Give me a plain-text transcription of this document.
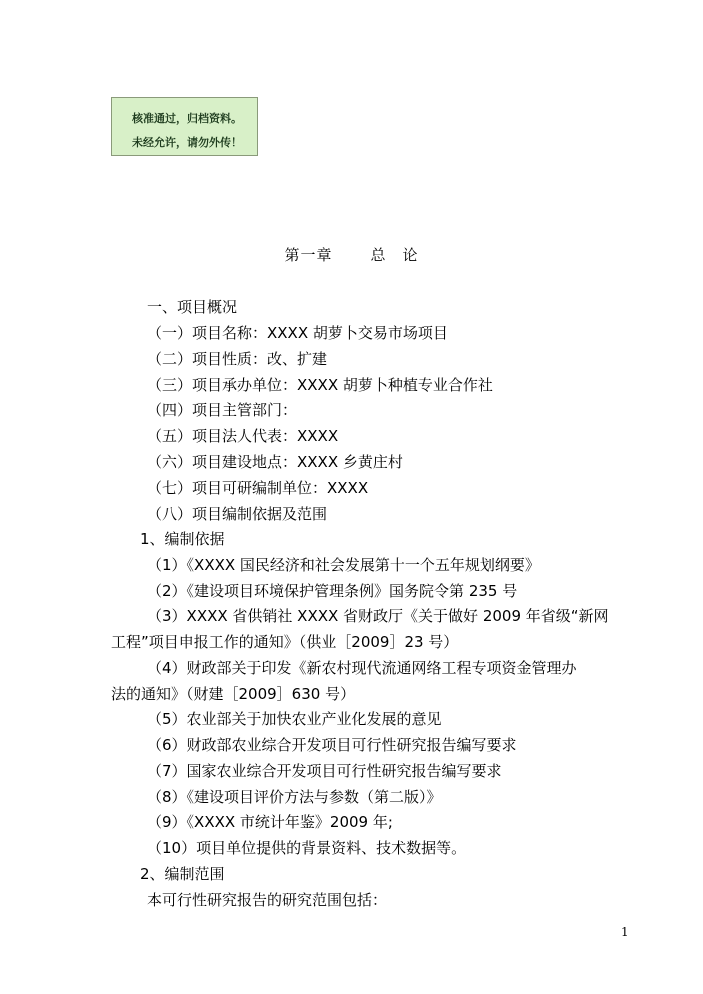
核准通过，归档资料。
未经允许，请勿外传！
第一章	总　论
一、项目概况
（一）项目名称：XXXX 胡萝卜交易市场项目
（二）项目性质：改、扩建
（三）项目承办单位：XXXX 胡萝卜种植专业合作社
（四）项目主管部门：
（五）项目法人代表：XXXX
（六）项目建设地点：XXXX 乡黄庄村
（七）项目可研编制单位：XXXX
（八）项目编制依据及范围
1、编制依据
（1）《XXXX 国民经济和社会发展第十一个五年规划纲要》
（2）《建设项目环境保护管理条例》国务院令第 235 号
（3）XXXX 省供销社 XXXX 省财政厅《关于做好 2009 年省级“新网
工程”项目申报工作的通知》（供业［2009］23 号）
（4）财政部关于印发《新农村现代流通网络工程专项资金管理办
法的通知》（财建［2009］630 号）
（5）农业部关于加快农业产业化发展的意见
（6）财政部农业综合开发项目可行性研究报告编写要求
（7）国家农业综合开发项目可行性研究报告编写要求
（8）《建设项目评价方法与参数（第二版）》
（9）《XXXX 市统计年鉴》2009 年;
（10）项目单位提供的背景资料、技术数据等。
2、编制范围
本可行性研究报告的研究范围包括：
1
